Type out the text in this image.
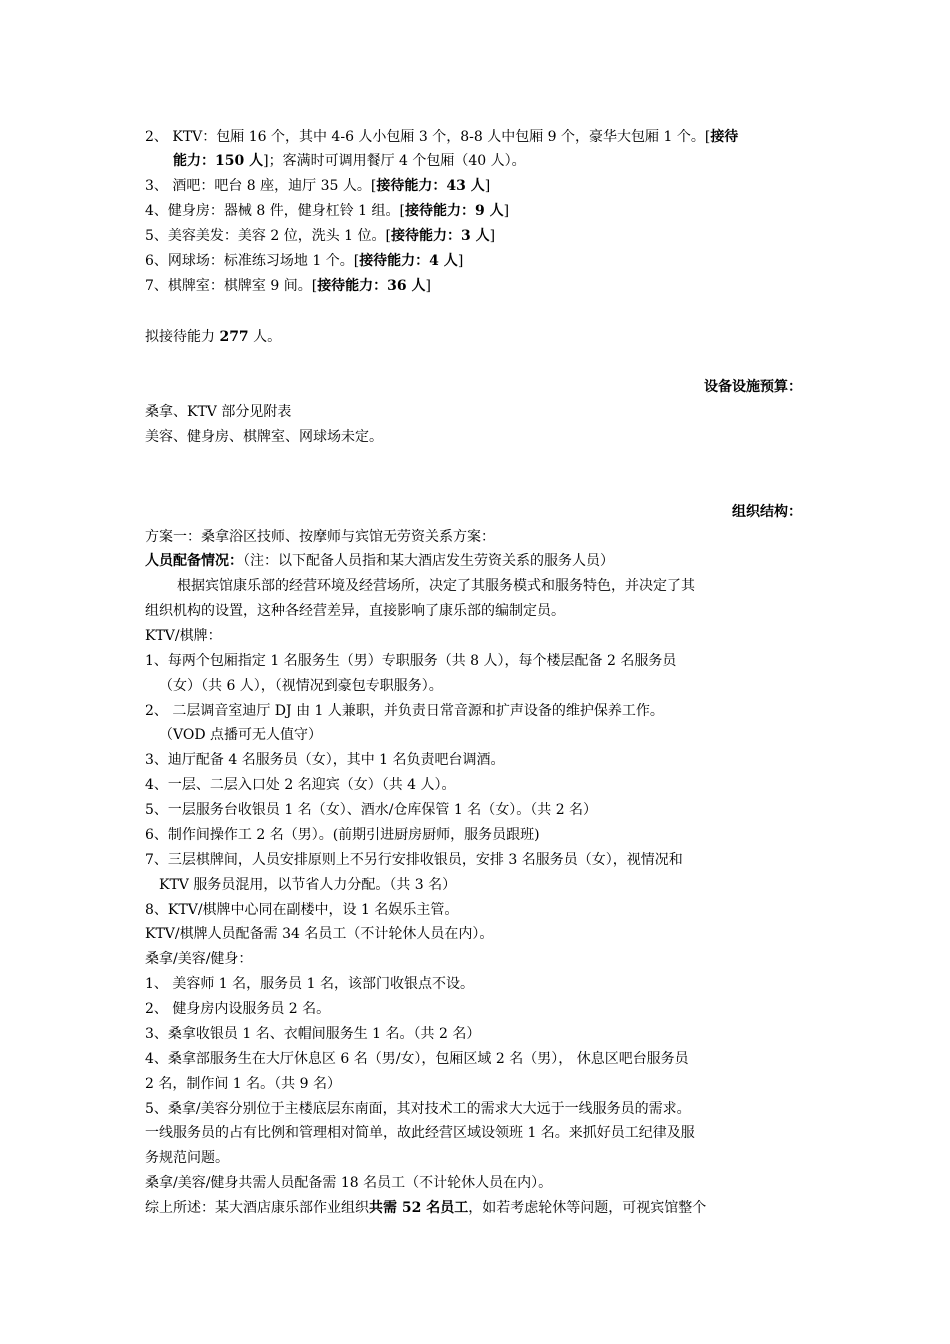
2、 KTV：包厢 16 个，其中 4-6 人小包厢 3 个，8-8 人中包厢 9 个，豪华大包厢 1 个。[接待
能力：150 人]；客满时可调用餐厅 4 个包厢（40 人）。
3、 酒吧：吧台 8 座，迪厅 35 人。[接待能力：43 人]
4、健身房：器械 8 件，健身杠铃 1 组。[接待能力：9 人]
5、美容美发：美容 2 位，洗头 1 位。[接待能力：3 人]
6、网球场：标准练习场地 1 个。[接待能力：4 人]
7、棋牌室：棋牌室 9 间。[接待能力：36 人]
拟接待能力 277 人。
设备设施预算：
桑拿、KTV 部分见附表
美容、健身房、棋牌室、网球场未定。
组织结构：
方案一：桑拿浴区技师、按摩师与宾馆无劳资关系方案：
人员配备情况：（注：以下配备人员指和某大酒店发生劳资关系的服务人员）
根据宾馆康乐部的经营环境及经营场所，决定了其服务模式和服务特色，并决定了其
组织机构的设置，这种各经营差异，直接影响了康乐部的编制定员。
KTV/棋牌：
1、每两个包厢指定 1 名服务生（男）专职服务（共 8 人），每个楼层配备 2 名服务员
（女）（共 6 人），（视情况到豪包专职服务）。
2、 二层调音室迪厅 DJ 由 1 人兼职，并负责日常音源和扩声设备的维护保养工作。
（VOD 点播可无人值守）
3、迪厅配备 4 名服务员（女），其中 1 名负责吧台调酒。
4、一层、二层入口处 2 名迎宾（女）（共 4 人）。
5、一层服务台收银员 1 名（女）、酒水/仓库保管 1 名（女）。（共 2 名）
6、制作间操作工 2 名（男）。(前期引进厨房厨师，服务员跟班)
7、三层棋牌间，人员安排原则上不另行安排收银员，安排 3 名服务员（女），视情况和
KTV 服务员混用，以节省人力分配。（共 3 名）
8、KTV/棋牌中心同在副楼中，设 1 名娱乐主管。
KTV/棋牌人员配备需 34 名员工（不计轮休人员在内）。
桑拿/美容/健身：
1、 美容师 1 名，服务员 1 名，该部门收银点不设。
2、 健身房内设服务员 2 名。
3、桑拿收银员 1 名、衣帽间服务生 1 名。（共 2 名）
4、桑拿部服务生在大厅休息区 6 名（男/女），包厢区域 2 名（男）， 休息区吧台服务员
2 名，制作间 1 名。（共 9 名）
5、桑拿/美容分别位于主楼底层东南面，其对技术工的需求大大远于一线服务员的需求。
一线服务员的占有比例和管理相对简单，故此经营区域设领班 1 名。来抓好员工纪律及服
务规范问题。
桑拿/美容/健身共需人员配备需 18 名员工（不计轮休人员在内）。
综上所述：某大酒店康乐部作业组织共需 52 名员工，如若考虑轮休等问题，可视宾馆整个
